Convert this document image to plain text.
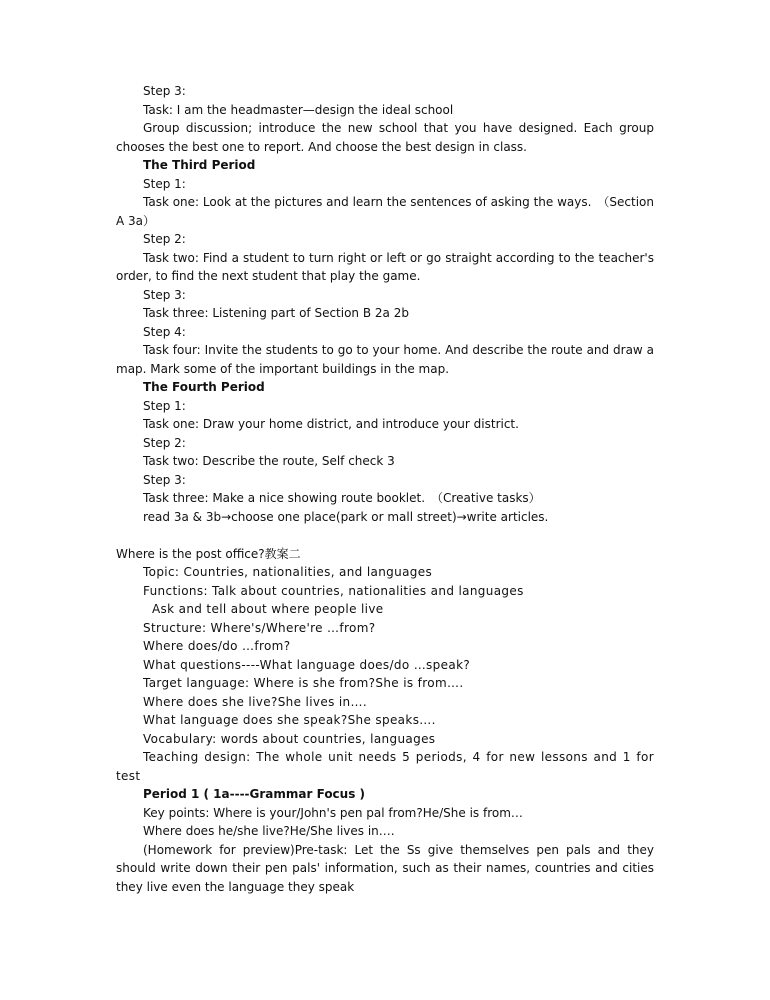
Step 3:

Task: I am the headmaster—design the ideal school

Group discussion; introduce the new school that you have designed. Each group chooses the best one to report. And choose the best design in class.

The Third Period

Step 1:

Task one: Look at the pictures and learn the sentences of asking the ways.　（Section A 3a）

Step 2:

Task two: Find a student to turn right or left or go straight according to the teacher's order, to find the next student that play the game.

Step 3:

Task three: Listening part of Section B 2a 2b

Step 4:

Task four: Invite the students to go to your home. And describe the route and draw a map. Mark some of the important buildings in the map.

The Fourth Period

Step 1:

Task one: Draw your home district, and introduce your district.

Step 2:

Task two: Describe the route, Self check 3

Step 3:

Task three: Make a nice showing route booklet.　（Creative tasks）

read 3a & 3b→choose one place(park or mall street)→write articles.

Where is the post office?教案二

Topic: Countries, nationalities, and languages

Functions: Talk about countries, nationalities and languages

Ask and tell about where people live

Structure: Where's/Where're …from?

Where does/do …from?

What questions----What language does/do …speak?

Target language: Where is she from?She is from….

Where does she live?She lives in….

What language does she speak?She speaks….

Vocabulary: words about countries, languages

Teaching design: The whole unit needs 5 periods, 4 for new lessons and 1 for test

Period 1 ( 1a----Grammar Focus )

Key points: Where is your/John's pen pal from?He/She is from…

Where does he/she live?He/She lives in….

(Homework for preview)Pre-task: Let the Ss give themselves pen pals and they should write down their pen pals' information, such as their names, countries and cities they live even the language they speak
